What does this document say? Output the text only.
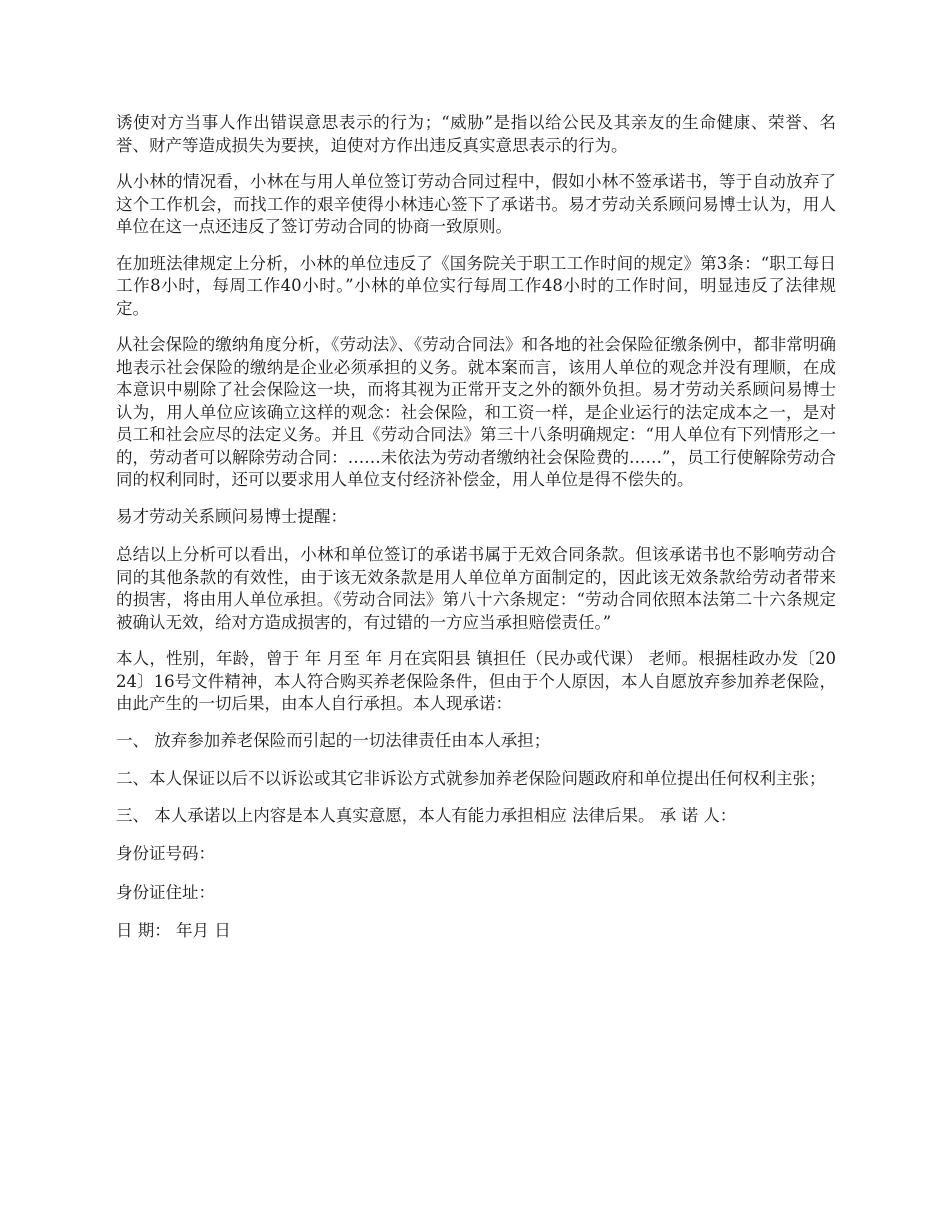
诱使对方当事人作出错误意思表示的行为；“威胁”是指以给公民及其亲友的生命健康、荣誉、名誉、财产等造成损失为要挟，迫使对方作出违反真实意思表示的行为。

从小林的情况看，小林在与用人单位签订劳动合同过程中，假如小林不签承诺书，等于自动放弃了这个工作机会，而找工作的艰辛使得小林违心签下了承诺书。易才劳动关系顾问易博士认为，用人单位在这一点还违反了签订劳动合同的协商一致原则。

在加班法律规定上分析，小林的单位违反了《国务院关于职工工作时间的规定》第3条：“职工每日工作8小时，每周工作40小时。”小林的单位实行每周工作48小时的工作时间，明显违反了法律规定。

从社会保险的缴纳角度分析，《劳动法》、《劳动合同法》和各地的社会保险征缴条例中，都非常明确地表示社会保险的缴纳是企业必须承担的义务。就本案而言，该用人单位的观念并没有理顺，在成本意识中剔除了社会保险这一块，而将其视为正常开支之外的额外负担。易才劳动关系顾问易博士认为，用人单位应该确立这样的观念：社会保险，和工资一样，是企业运行的法定成本之一，是对员工和社会应尽的法定义务。并且《劳动合同法》第三十八条明确规定：“用人单位有下列情形之一的，劳动者可以解除劳动合同：……未依法为劳动者缴纳社会保险费的……”，员工行使解除劳动合同的权利同时，还可以要求用人单位支付经济补偿金，用人单位是得不偿失的。

易才劳动关系顾问易博士提醒：

总结以上分析可以看出，小林和单位签订的承诺书属于无效合同条款。但该承诺书也不影响劳动合同的其他条款的有效性，由于该无效条款是用人单位单方面制定的，因此该无效条款给劳动者带来的损害，将由用人单位承担。《劳动合同法》第八十六条规定：“劳动合同依照本法第二十六条规定被确认无效，给对方造成损害的，有过错的一方应当承担赔偿责任。”

本人，性别，年龄，曾于 年 月至 年 月在宾阳县 镇担任（民办或代课） 老师。根据桂政办发〔2024〕16号文件精神，本人符合购买养老保险条件，但由于个人原因，本人自愿放弃参加养老保险，由此产生的一切后果，由本人自行承担。本人现承诺：

一、 放弃参加养老保险而引起的一切法律责任由本人承担；

二、本人保证以后不以诉讼或其它非诉讼方式就参加养老保险问题政府和单位提出任何权利主张；

三、 本人承诺以上内容是本人真实意愿，本人有能力承担相应 法律后果。 承 诺 人：

身份证号码：

身份证住址：

日 期： 年月 日
